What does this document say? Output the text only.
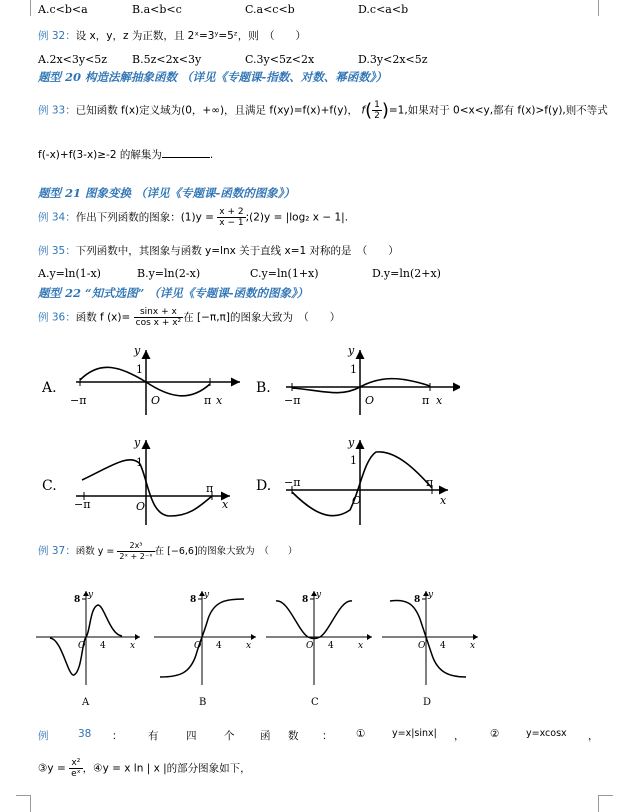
A.c<b<a	B.a<b<c	C.a<c<b	D.c<a<b
例 32：设 x，y，z 为正数，且 2ˣ=3ʸ=5ᶻ，则　（　　）
A.2x<3y<5z B.5z<2x<3y	C.3y<5z<2x	D.3y<2x<5z
题型 20 构造法解抽象函数 （详见《专题课-指数、对数、幂函数》）
例 33：已知函数 f(x)定义域为(0，+∞)，且满足 f(xy)=f(x)+f(y)， $f( \frac{1}{2} )=1$,如果对于 0<x<y,都有 f(x)>f(y),则不等式
f(-x)+f(3-x)≥-2 的解集为	.
题型 21 图象变换 （详见《专题课-函数的图象》）
例 34：作出下列函数的图象：$(1)y = \frac{x + 2}{x - 1}$ ;(2)y = |log₂ x − 1|.
例 35：下列函数中，其图象与函数 y=lnx 关于直线 x=1 对称的是　（　　）
A.y=ln(1-x)	B.y=ln(2-x)	C.y=ln(1+x)	D.y=ln(2+x)
题型 22 “知式选图” （详见《专题课-函数的图象》）
例 36：函数 f $(x)= \frac{\sin x + x}{\text{cos x + x²}}$ 在 [−π,π]的图象大致为　（　　）
A.
y
1
O
−π	π x
B.
y
1
O
−π	π x
C.
y
1
O
−π
π
x
D.
y
1
O
−π	π
x
例 37：函数 $y = \frac{\text{2x³}}{\text{2ˣ + 2⁻ˣ}}$ 在 [−6,6]的图象大致为　（　　）
y
8
O 4	x
A
y
8
O 4	x
B
y
8
O 4	x
C
y
8
O 4	x
D
例	38 ： 有	四	个 函 数 ： ①	y=x|sinx| ， ②	y=xcosx ，
③y = $\frac{\text{x²}}{\text{eˣ}}$ ，④y = x ln | x |的部分图象如下，
